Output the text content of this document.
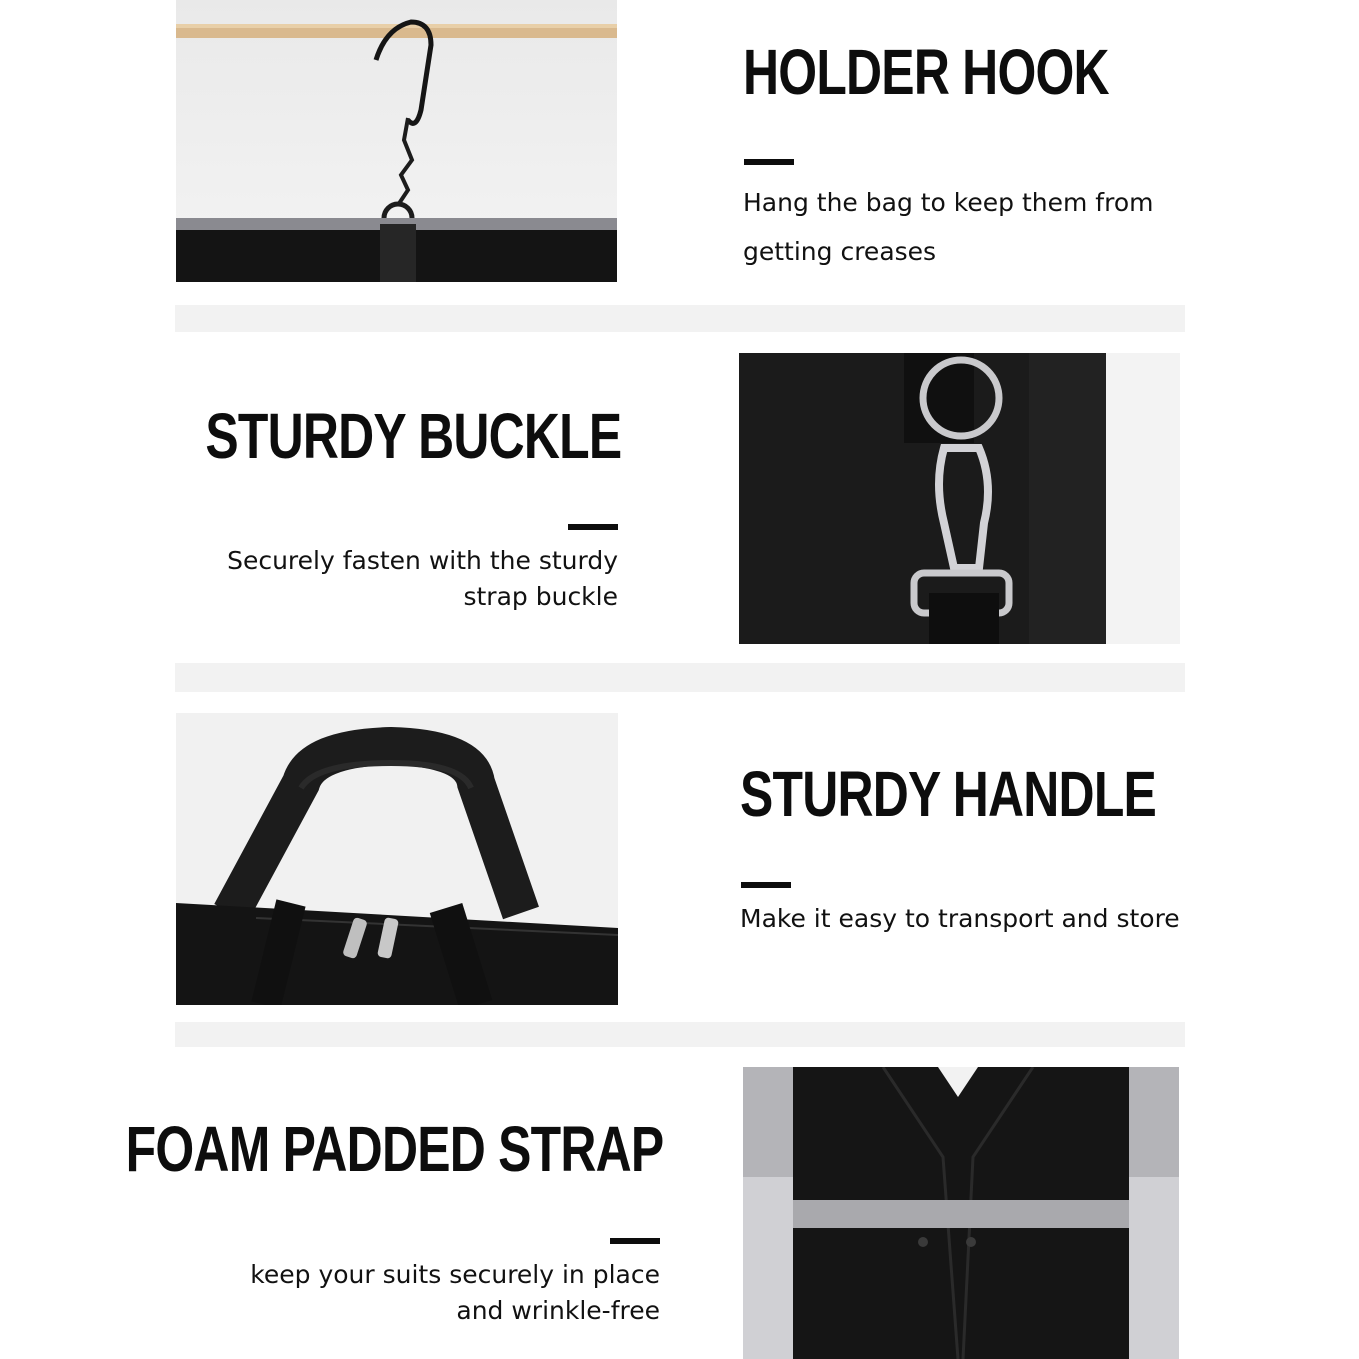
HOLDER HOOK

Hang the bag to keep them from
getting creases

STURDY BUCKLE

Securely fasten with the sturdy
strap buckle

STURDY HANDLE

Make it easy to transport and store

FOAM PADDED STRAP

keep your suits securely in place
and wrinkle-free
